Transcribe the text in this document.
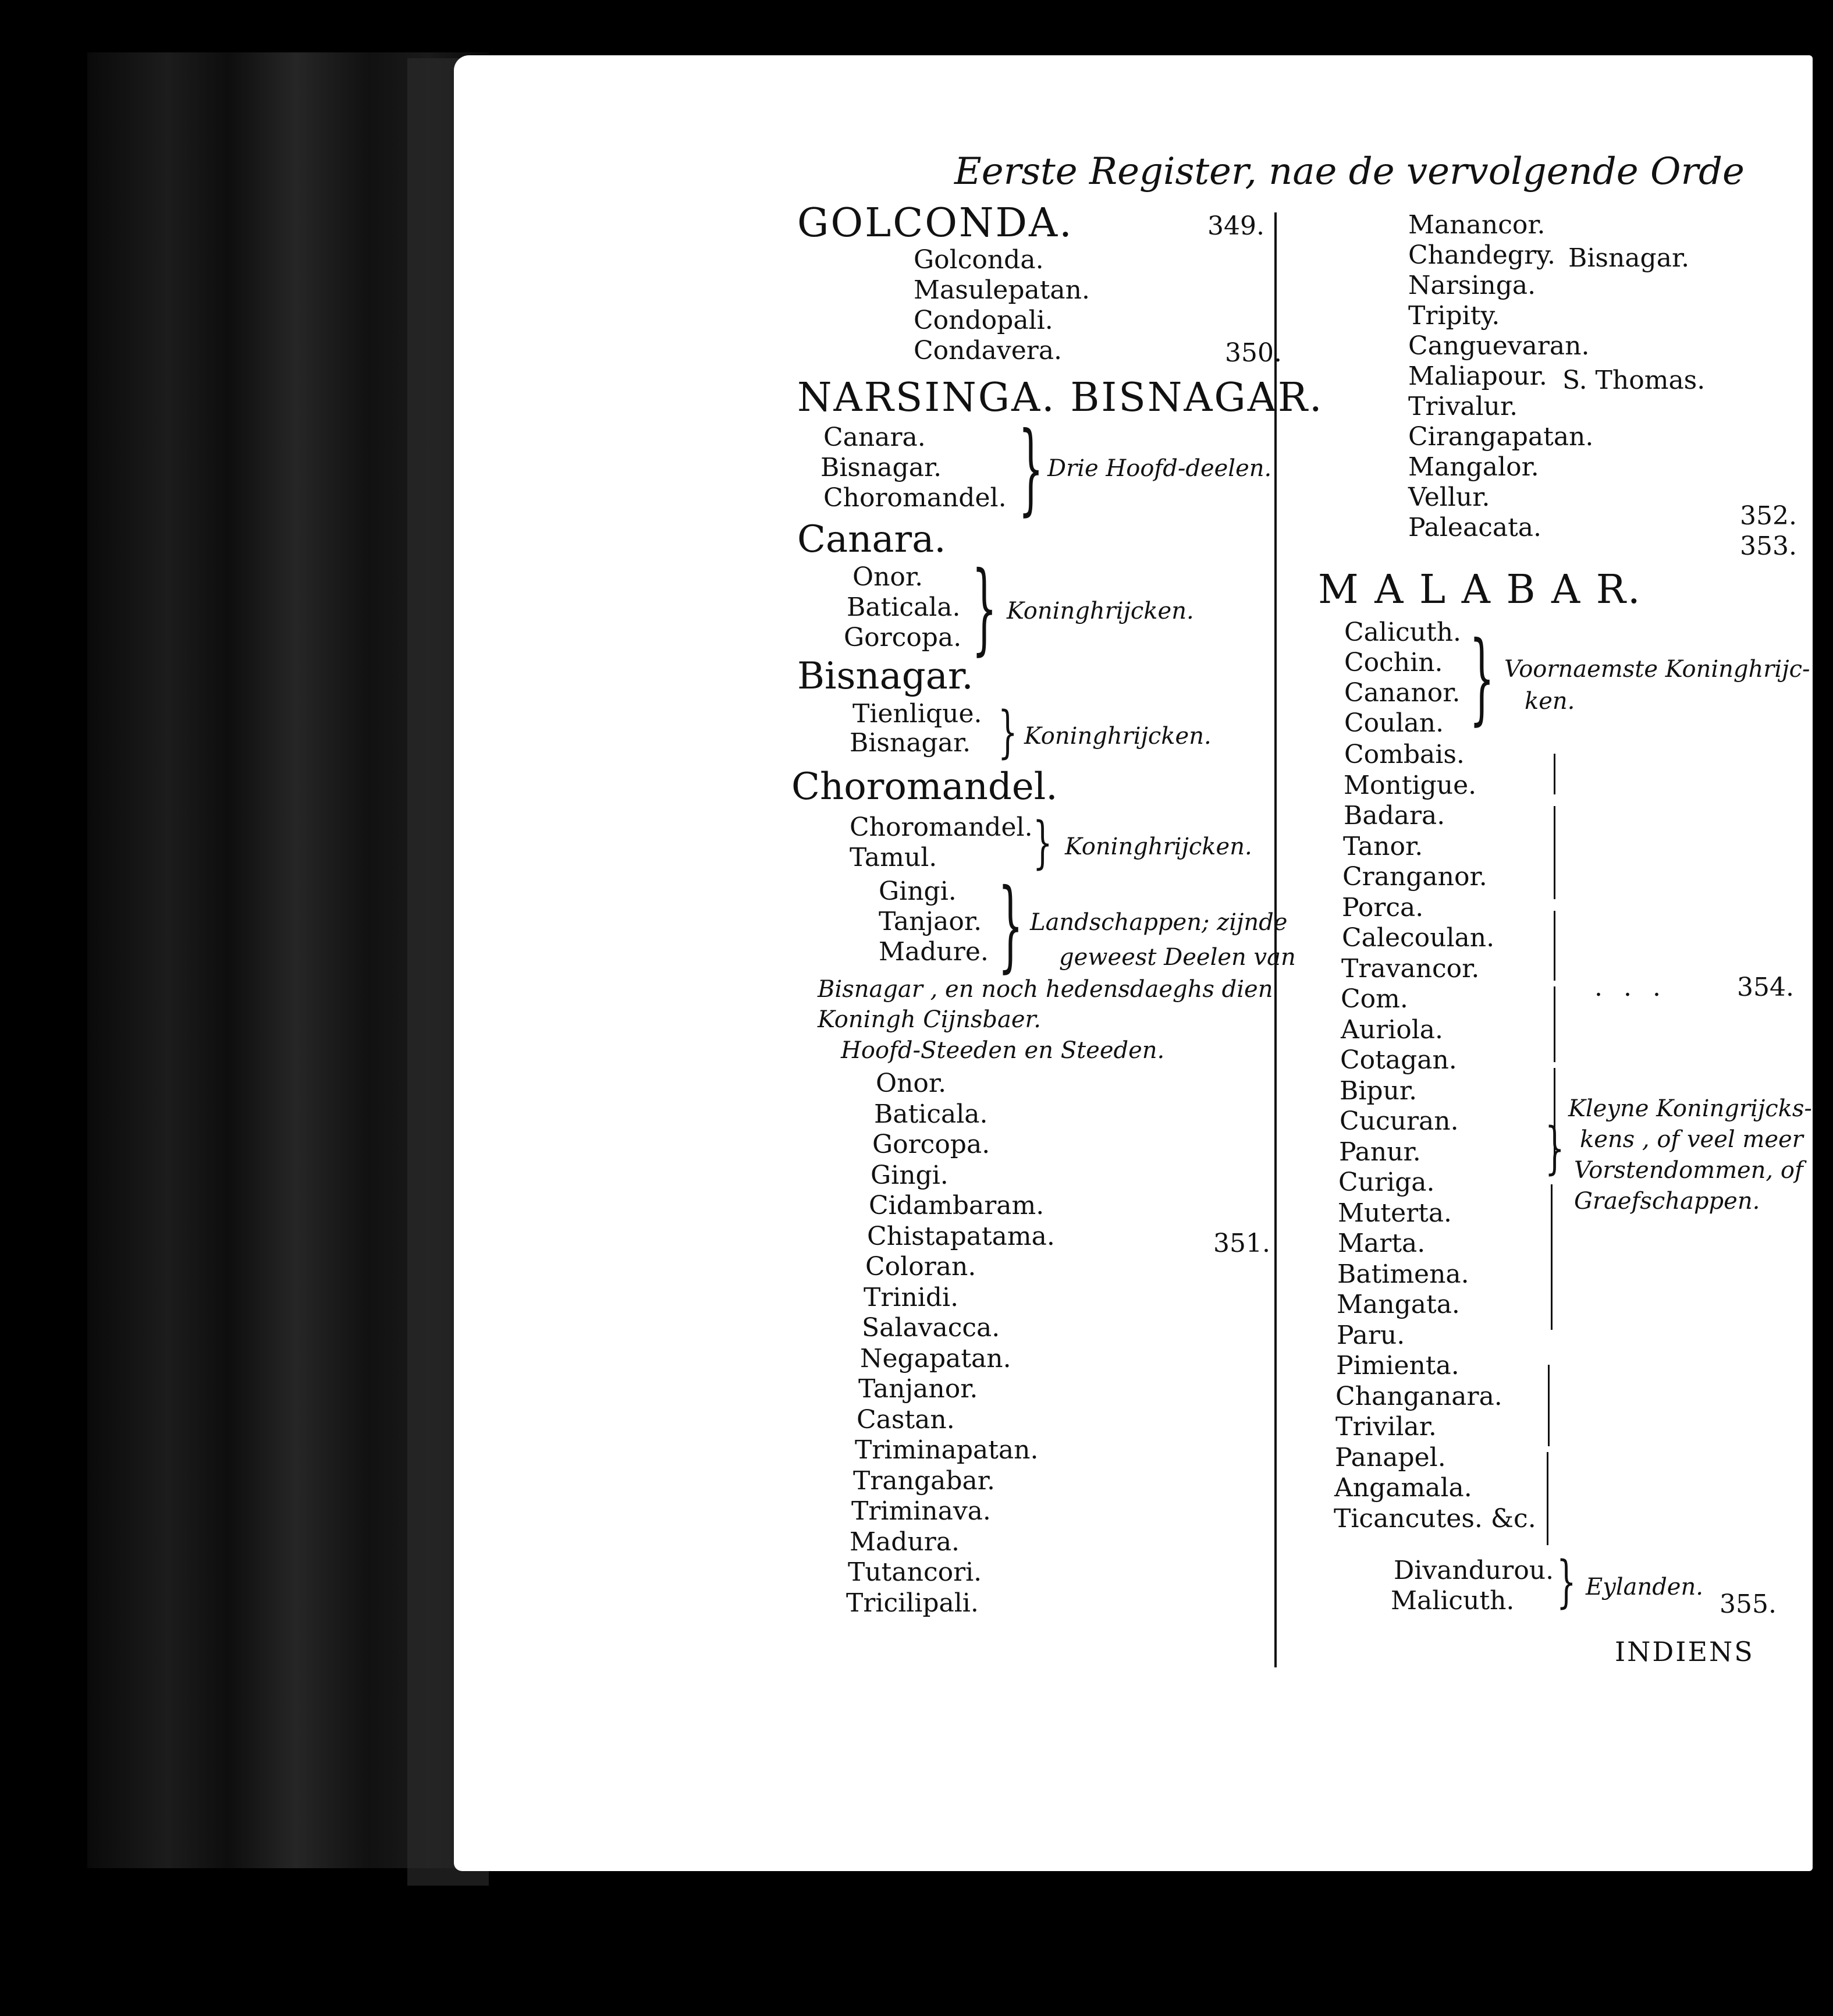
Eerste Register, nae de vervolgende Orde
GOLCONDA.	349.
Golconda.
Masulepatan.
Condopali.
Condavera.	350.
NARSINGA. BISNAGAR.
Canara.
Bisnagar.
Choromandel. } Drie Hoofd-deelen.
Canara.
Onor.
Baticala.
Gorcopa. } Koninghrijcken.
Bisnagar.
Tienlique.
Bisnagar. } Koninghrijcken.
Choromandel.
Choromandel.
Tamul. } Koninghrijcken.
Gingi.
Tanjaor.
Madure. } Landschappen; zijnde
geweest Deelen van
Bisnagar , en noch hedensdaeghs dien
Koningh Cijnsbaer.
Hoofd-Steeden en Steeden.
351.
Bisnagar.
S. Thomas.
352.
353.
M A L A B A R.
Calicuth.
Cochin.
Cananor.
Coulan. } Voornaemste Koninghrijc-
ken.
... 354.
}
Kleyne Koningrijcks-
kens , of veel meer
Vorstendommen, of
Graefschappen.
Divandurou.
Malicuth. } Eylanden.
355.
INDIENS
Onor.
Baticala.
Gorcopa.
Gingi.
Cidambaram.
Chistapatama.
Coloran.
Trinidi.
Salavacca.
Negapatan.
Tanjanor.
Castan.
Triminapatan.
Trangabar.
Triminava.
Madura.
Tutancori.
Tricilipali.
Manancor.
Chandegry.
Narsinga.
Tripity.
Canguevaran.
Maliapour.
Trivalur.
Cirangapatan.
Mangalor.
Vellur.
Paleacata.
Combais.
Montigue.
Badara.
Tanor.
Cranganor.
Porca.
Calecoulan.
Travancor.
Com.
Auriola.
Cotagan.
Bipur.
Cucuran.
Panur.
Curiga.
Muterta.
Marta.
Batimena.
Mangata.
Paru.
Pimienta.
Changanara.
Trivilar.
Panapel.
Angamala.
Ticancutes. &c.
